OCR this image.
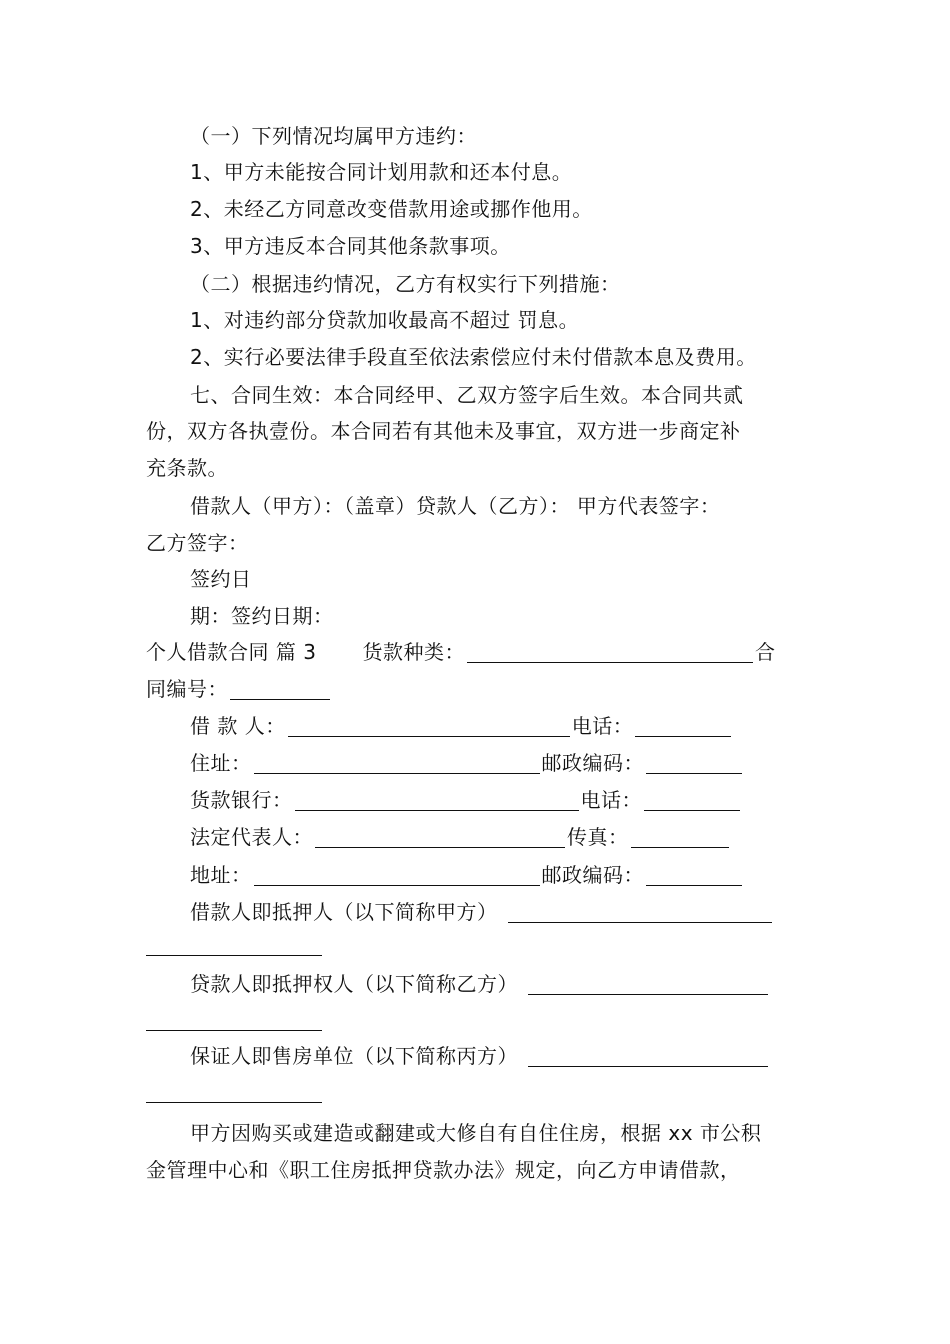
（一）下列情况均属甲方违约：
1、甲方未能按合同计划用款和还本付息。
2、未经乙方同意改变借款用途或挪作他用。
3、甲方违反本合同其他条款事项。
（二）根据违约情况，乙方有权实行下列措施：
1、对违约部分贷款加收最高不超过 罚息。
2、实行必要法律手段直至依法索偿应付未付借款本息及费用。
七、合同生效：本合同经甲、乙双方签字后生效。本合同共贰
份，双方各执壹份。本合同若有其他未及事宜，双方进一步商定补
充条款。
借款人（甲方）：（盖章）贷款人（乙方）： 甲方代表签字：
乙方签字：
签约日
期：签约日期：
个人借款合同 篇 3 货款种类：	合
同编号：
借 款 人：	电话：
住址：	邮政编码：
货款银行：	电话：
法定代表人：	传真：
地址：	邮政编码：
借款人即抵押人（以下简称甲方）
贷款人即抵押权人（以下简称乙方）
保证人即售房单位（以下简称丙方）
甲方因购买或建造或翻建或大修自有自住住房，根据 xx 市公积
金管理中心和《职工住房抵押贷款办法》规定，向乙方申请借款，
